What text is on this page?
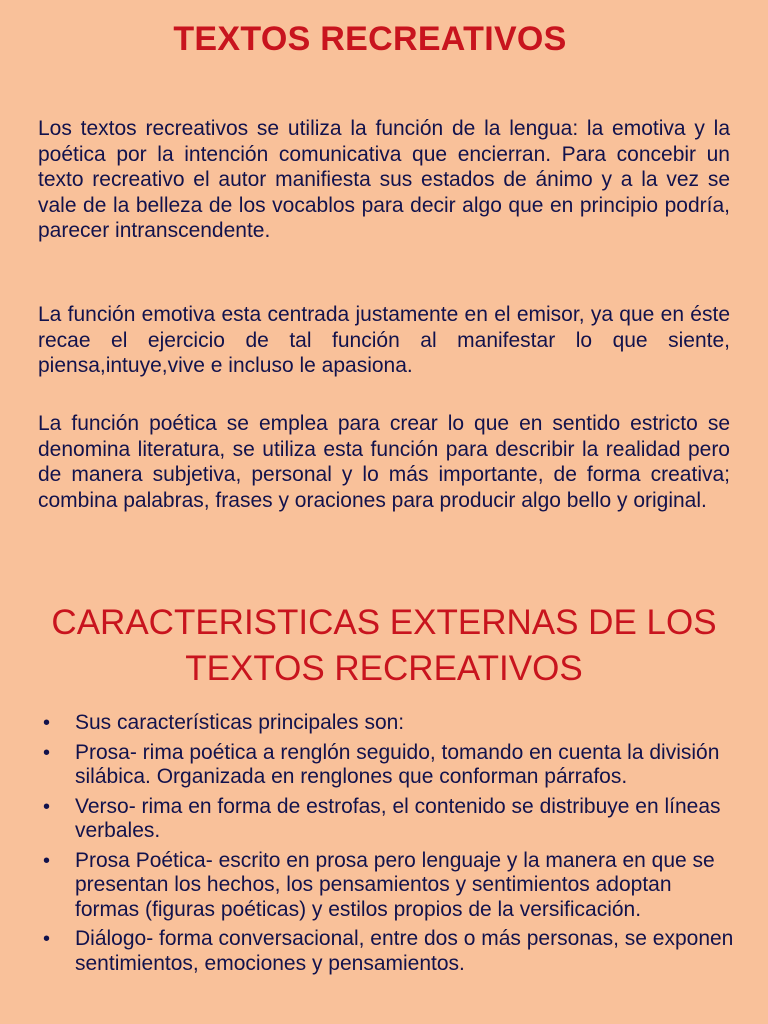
TEXTOS RECREATIVOS

Los textos recreativos se utiliza la función de la lengua: la emotiva y la poética por la intención comunicativa que encierran. Para concebir un texto recreativo el autor manifiesta sus estados de ánimo y a la vez se vale de la belleza de los vocablos para decir algo que en principio podría, parecer intranscendente.

La función emotiva esta centrada justamente en el emisor, ya que en éste recae el ejercicio de tal función al manifestar lo que siente, piensa,intuye,vive e incluso le apasiona.

La función poética se emplea para crear lo que en sentido estricto se denomina literatura, se utiliza esta función para describir la realidad pero de manera subjetiva, personal y lo más importante, de forma creativa; combina palabras, frases y oraciones para producir algo bello y original.

CARACTERISTICAS EXTERNAS DE LOS TEXTOS RECREATIVOS
• Sus características principales son:
• Prosa- rima poética a renglón seguido, tomando en cuenta la división silábica. Organizada en renglones que conforman párrafos.
• Verso- rima en forma de estrofas, el contenido se distribuye en líneas verbales.
• Prosa Poética- escrito en prosa pero lenguaje y la manera en que se presentan los hechos, los pensamientos y sentimientos adoptan formas (figuras poéticas) y estilos propios de la versificación.
• Diálogo- forma conversacional, entre dos o más personas, se exponen sentimientos, emociones y pensamientos.
